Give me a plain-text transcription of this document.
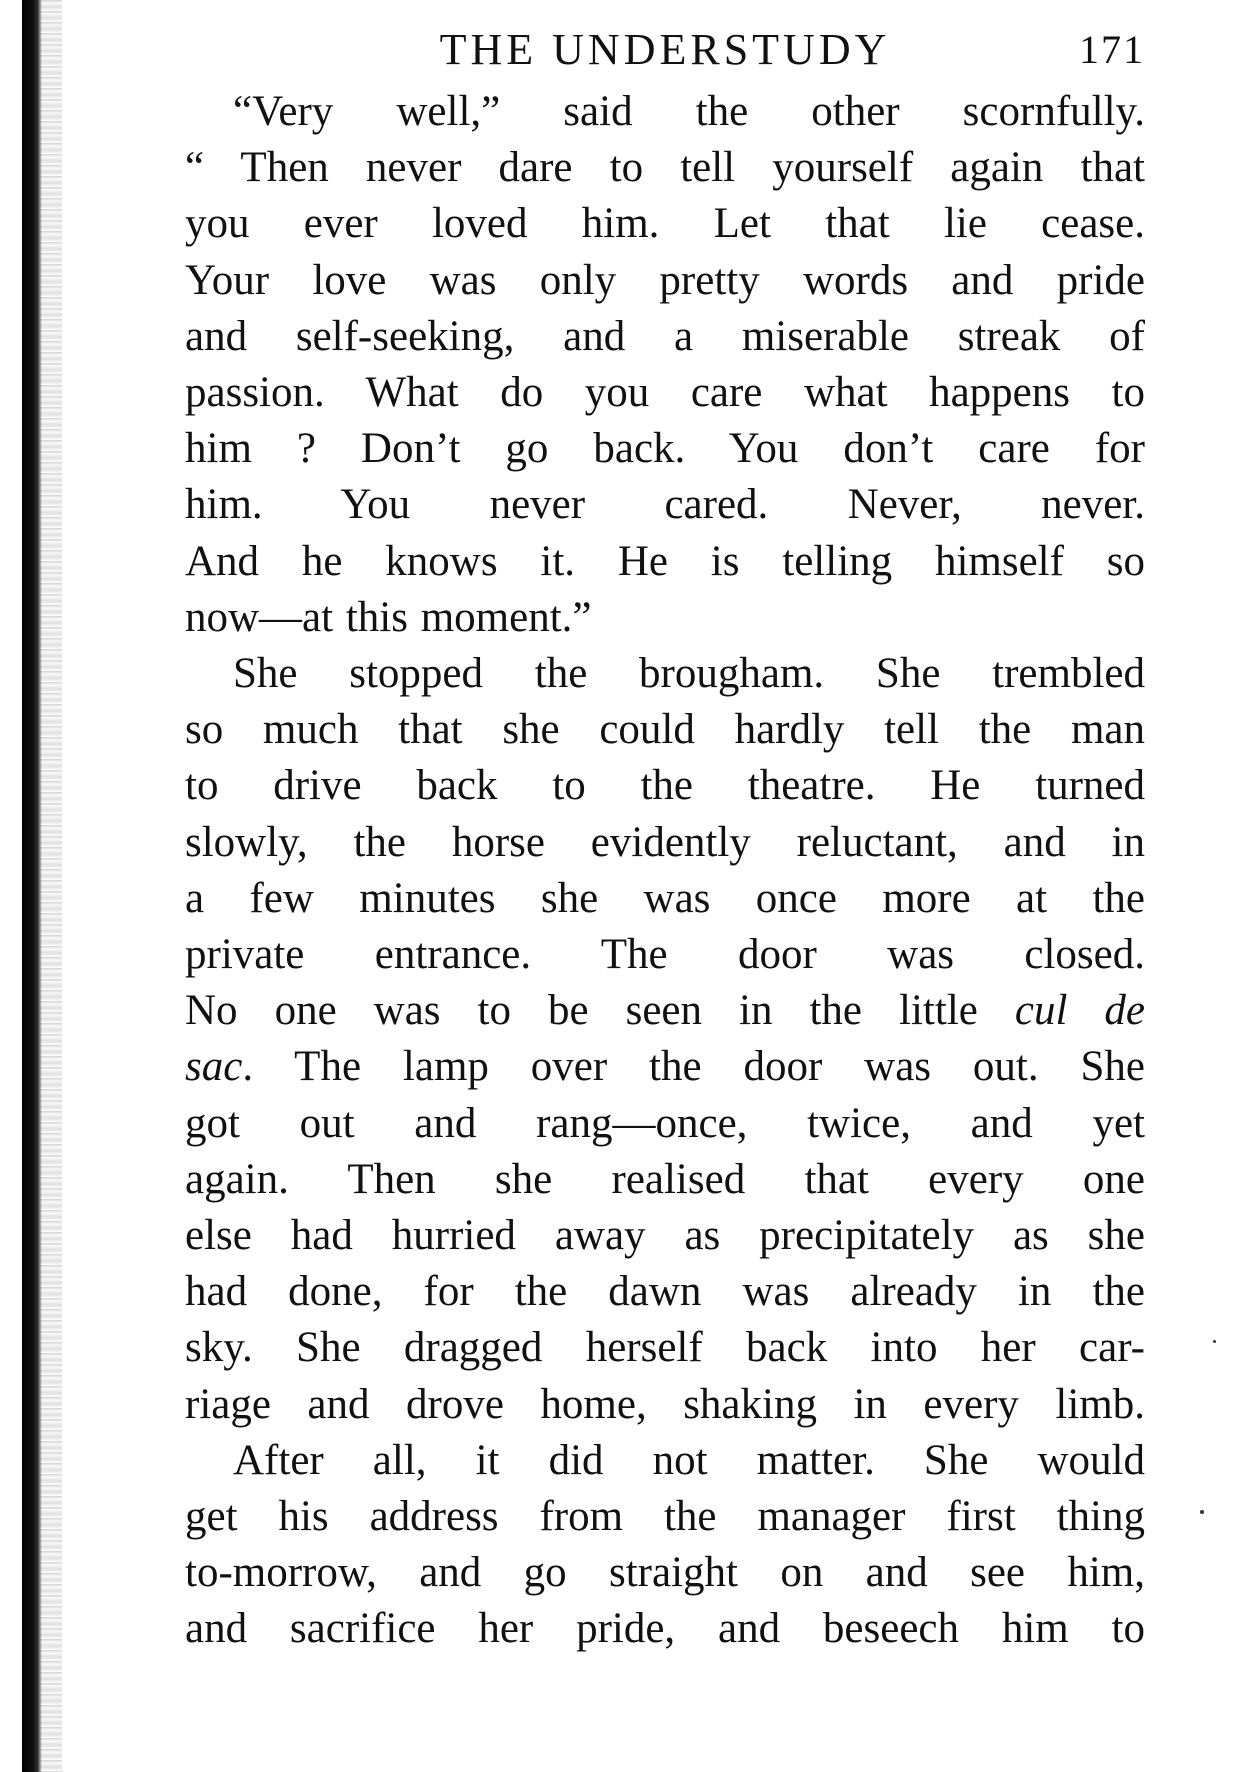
THE UNDERSTUDY	171

“Very well,” said the other scornfully.
“ Then never dare to tell yourself again that
you ever loved him. Let that lie cease.
Your love was only pretty words and pride
and self-seeking, and a miserable streak of
passion. What do you care what happens to
him ? Don’t go back. You don’t care for
him. You never cared. Never, never.
And he knows it. He is telling himself so
now—at this moment.”

She stopped the brougham. She trembled
so much that she could hardly tell the man
to drive back to the theatre. He turned
slowly, the horse evidently reluctant, and in
a few minutes she was once more at the
private entrance. The door was closed.
No one was to be seen in the little cul de
sac. The lamp over the door was out. She
got out and rang—once, twice, and yet
again. Then she realised that every one
else had hurried away as precipitately as she
had done, for the dawn was already in the
sky. She dragged herself back into her car-
riage and drove home, shaking in every limb.

After all, it did not matter. She would
get his address from the manager first thing
to-morrow, and go straight on and see him,
and sacrifice her pride, and beseech him to
